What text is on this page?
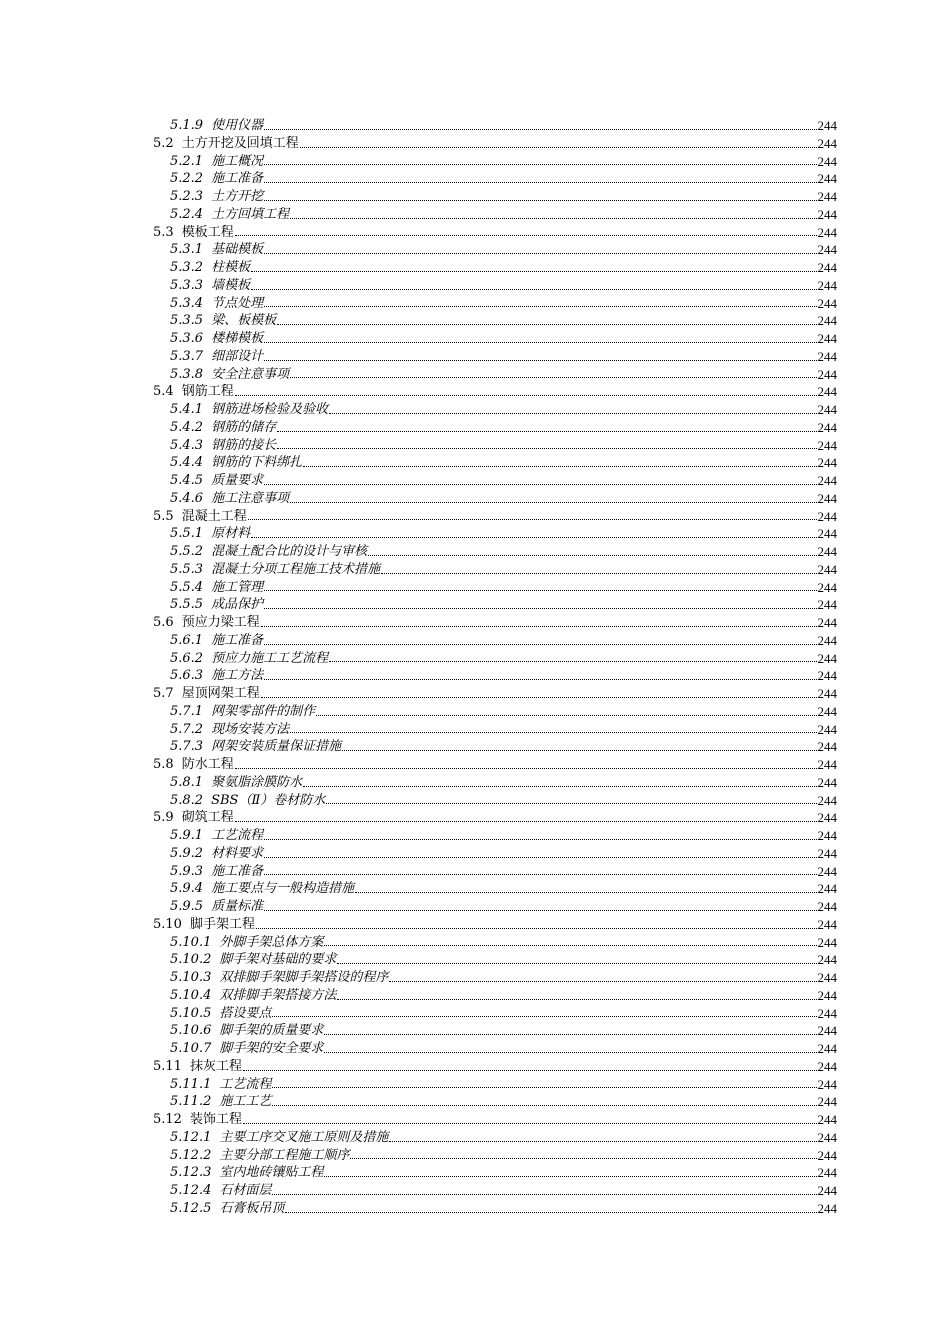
5.1.9 使用仪器	244
5.2 土方开挖及回填工程	244
5.2.1 施工概况	244
5.2.2 施工准备	244
5.2.3 土方开挖	244
5.2.4 土方回填工程	244
5.3 模板工程	244
5.3.1 基础模板	244
5.3.2 柱模板	244
5.3.3 墙模板	244
5.3.4 节点处理	244
5.3.5 梁、板模板	244
5.3.6 楼梯模板	244
5.3.7 细部设计	244
5.3.8 安全注意事项	244
5.4 钢筋工程	244
5.4.1 钢筋进场检验及验收	244
5.4.2 钢筋的储存	244
5.4.3 钢筋的接长	244
5.4.4 钢筋的下料绑扎	244
5.4.5 质量要求	244
5.4.6 施工注意事项	244
5.5 混凝土工程	244
5.5.1 原材料	244
5.5.2 混凝土配合比的设计与审核	244
5.5.3 混凝土分项工程施工技术措施	244
5.5.4 施工管理	244
5.5.5 成品保护	244
5.6 预应力梁工程	244
5.6.1 施工准备	244
5.6.2 预应力施工工艺流程	244
5.6.3 施工方法	244
5.7 屋顶网架工程	244
5.7.1 网架零部件的制作	244
5.7.2 现场安装方法	244
5.7.3 网架安装质量保证措施	244
5.8 防水工程	244
5.8.1 聚氨脂涂膜防水	244
5.8.2 SBS（Ⅱ）卷材防水	244
5.9 砌筑工程	244
5.9.1 工艺流程	244
5.9.2 材料要求	244
5.9.3 施工准备	244
5.9.4 施工要点与一般构造措施	244
5.9.5 质量标准	244
5.10 脚手架工程	244
5.10.1 外脚手架总体方案	244
5.10.2 脚手架对基础的要求	244
5.10.3 双排脚手架脚手架搭设的程序	244
5.10.4 双排脚手架搭接方法	244
5.10.5 搭设要点	244
5.10.6 脚手架的质量要求	244
5.10.7 脚手架的安全要求	244
5.11 抹灰工程	244
5.11.1 工艺流程	244
5.11.2 施工工艺	244
5.12 装饰工程	244
5.12.1 主要工序交叉施工原则及措施	244
5.12.2 主要分部工程施工顺序	244
5.12.3 室内地砖镶贴工程	244
5.12.4 石材面层	244
5.12.5 石膏板吊顶	244
